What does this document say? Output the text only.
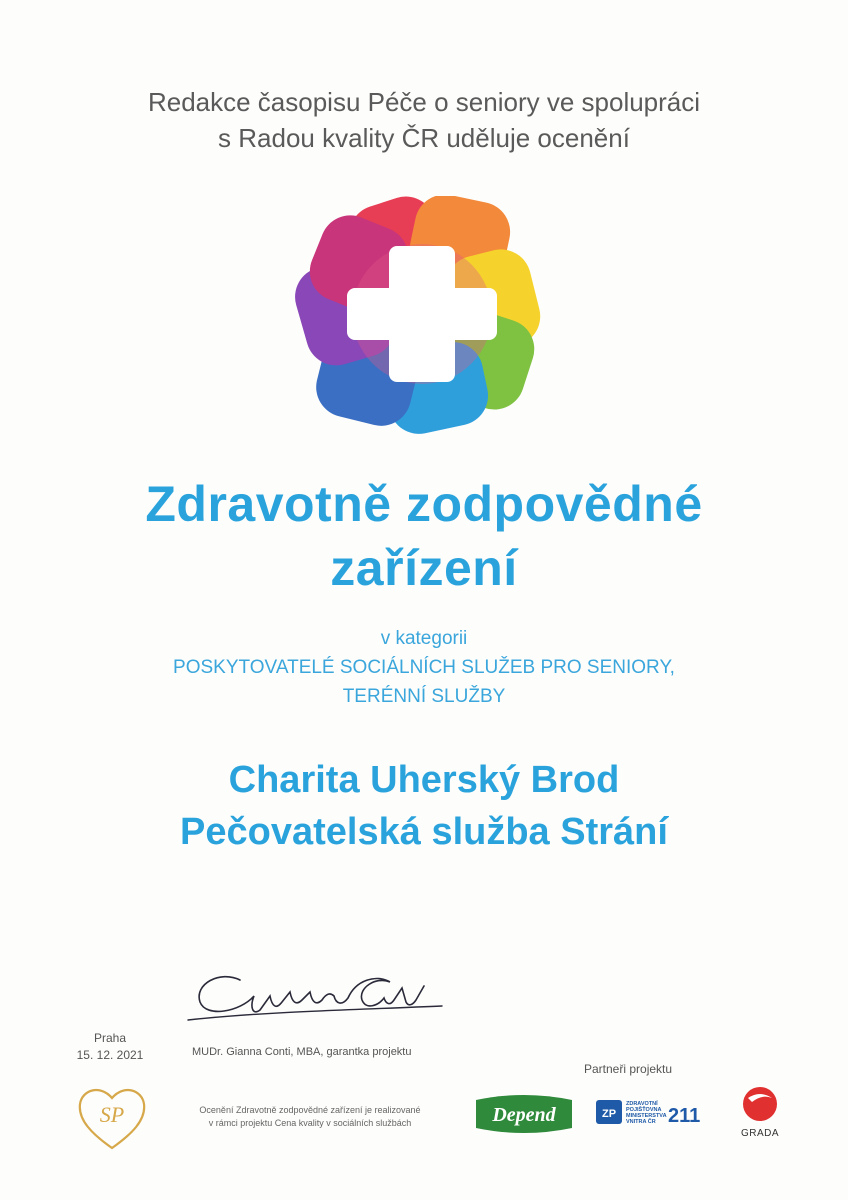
Redakce časopisu Péče o seniory ve spolupráci
s Radou kvality ČR uděluje ocenění
Zdravotně zodpovědné
zařízení
v kategorii
POSKYTOVATELÉ SOCIÁLNÍCH SLUŽEB PRO SENIORY,
TERÉNNÍ SLUŽBY
Charita Uherský Brod
Pečovatelská služba Strání
Praha
15. 12. 2021	MUDr. Gianna Conti, MBA, garantka projektu
SP	Ocenění Zdravotně zodpovědné zařízení je realizované
v rámci projektu Cena kvality v sociálních službách
Partneři projektu
Depend	ZP
ZDRAVOTNÍ
POJIŠŤOVNA
MINISTERSTVA
VNITRA ČR 211
GRADA
